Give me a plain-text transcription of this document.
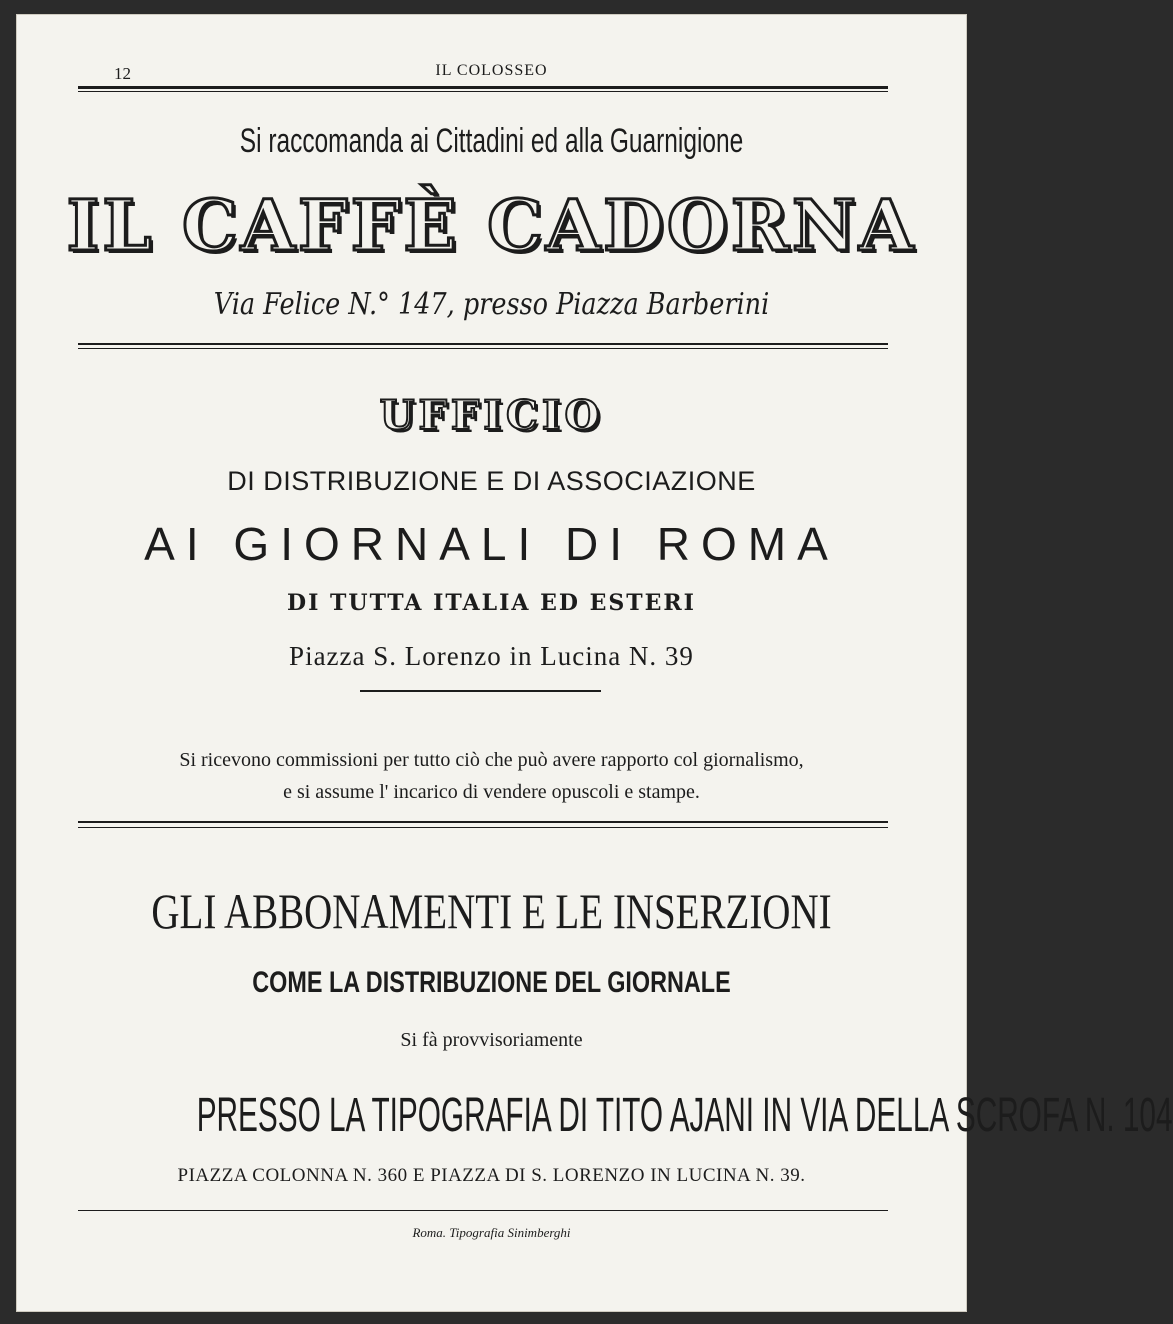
12	IL COLOSSEO
Si raccomanda ai Cittadini ed alla Guarnigione
IL CAFFÈ CADORNA
Via Felice N.° 147, presso Piazza Barberini
UFFICIO
DI DISTRIBUZIONE E DI ASSOCIAZIONE
AI GIORNALI DI ROMA
DI TUTTA ITALIA ED ESTERI
Piazza S. Lorenzo in Lucina N. 39
Si ricevono commissioni per tutto ciò che può avere rapporto col giornalismo,
e si assume l' incarico di vendere opuscoli e stampe.
GLI ABBONAMENTI E LE INSERZIONI
COME LA DISTRIBUZIONE DEL GIORNALE
Si fà provvisoriamente
PRESSO LA TIPOGRAFIA DI TITO AJANI IN VIA DELLA SCROFA N. 104
PIAZZA COLONNA N. 360 E PIAZZA DI S. LORENZO IN LUCINA N. 39.
Roma. Tipografia Sinimberghi
